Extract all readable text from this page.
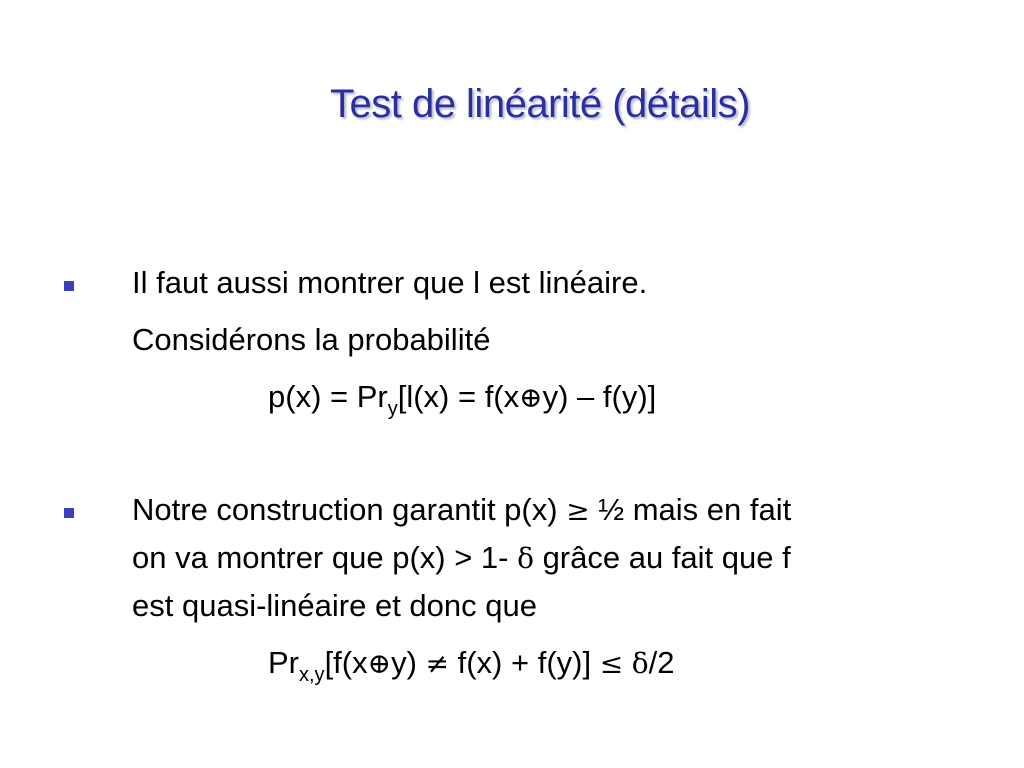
Test de linéarité (détails)
Il faut aussi montrer que l est linéaire.
Considérons la probabilité
$p(x) = Pr_y[l(x)$ = f(x⊕y) – f(y)]
Notre construction garantit p(x) ≥ ½ mais en fait
on va montrer que p(x) > 1- δ grâce au fait que f
est quasi-linéaire et donc que
$Pr_{x,y}[f(x\oplus y) \ne f(x) + f(y)] \le \delta/2$
